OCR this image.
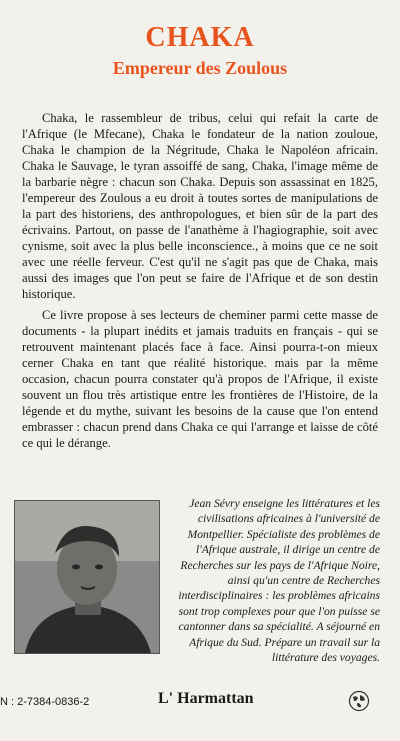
CHAKA
Empereur des Zoulous

Chaka, le rassembleur de tribus, celui qui refait la carte de l'Afrique (le Mfecane), Chaka le fondateur de la nation zouloue, Chaka le champion de la Négritude, Chaka le Napoléon africain. Chaka le Sauvage, le tyran assoiffé de sang, Chaka, l'image même de la barbarie nègre : chacun son Chaka. Depuis son assassinat en 1825, l'empereur des Zoulous a eu droit à toutes sortes de manipulations de la part des historiens, des anthropologues, et bien sûr de la part des écrivains. Partout, on passe de l'anathème à l'hagiographie, soit avec cynisme, soit avec la plus belle inconscience., à moins que ce ne soit avec une réelle ferveur. C'est qu'il ne s'agit pas que de Chaka, mais aussi des images que l'on peut se faire de l'Afrique et de son destin historique.

Ce livre propose à ses lecteurs de cheminer parmi cette masse de documents - la plupart inédits et jamais traduits en français - qui se retrouvent maintenant placés face à face. Ainsi pourra-t-on mieux cerner Chaka en tant que réalité historique. mais par la même occasion, chacun pourra constater qu'à propos de l'Afrique, il existe souvent un flou très artistique entre les frontières de l'Histoire, de la légende et du mythe, suivant les besoins de la cause que l'on entend embrasser : chacun prend dans Chaka ce qui l'arrange et laisse de côté ce qui le dérange.

Jean Sévry enseigne les littératures et les civilisations africaines à l'université de Montpellier. Spécialiste des problèmes de l'Afrique australe, il dirige un centre de Recherches sur les pays de l'Afrique Noire, ainsi qu'un centre de Recherches interdisciplinaires : les problèmes africains sont trop complexes pour que l'on puisse se cantonner dans sa spécialité. A séjourné en Afrique du Sud. Prépare un travail sur la littérature des voyages.
N : 2-7384-0836-2	L' Harmattan
